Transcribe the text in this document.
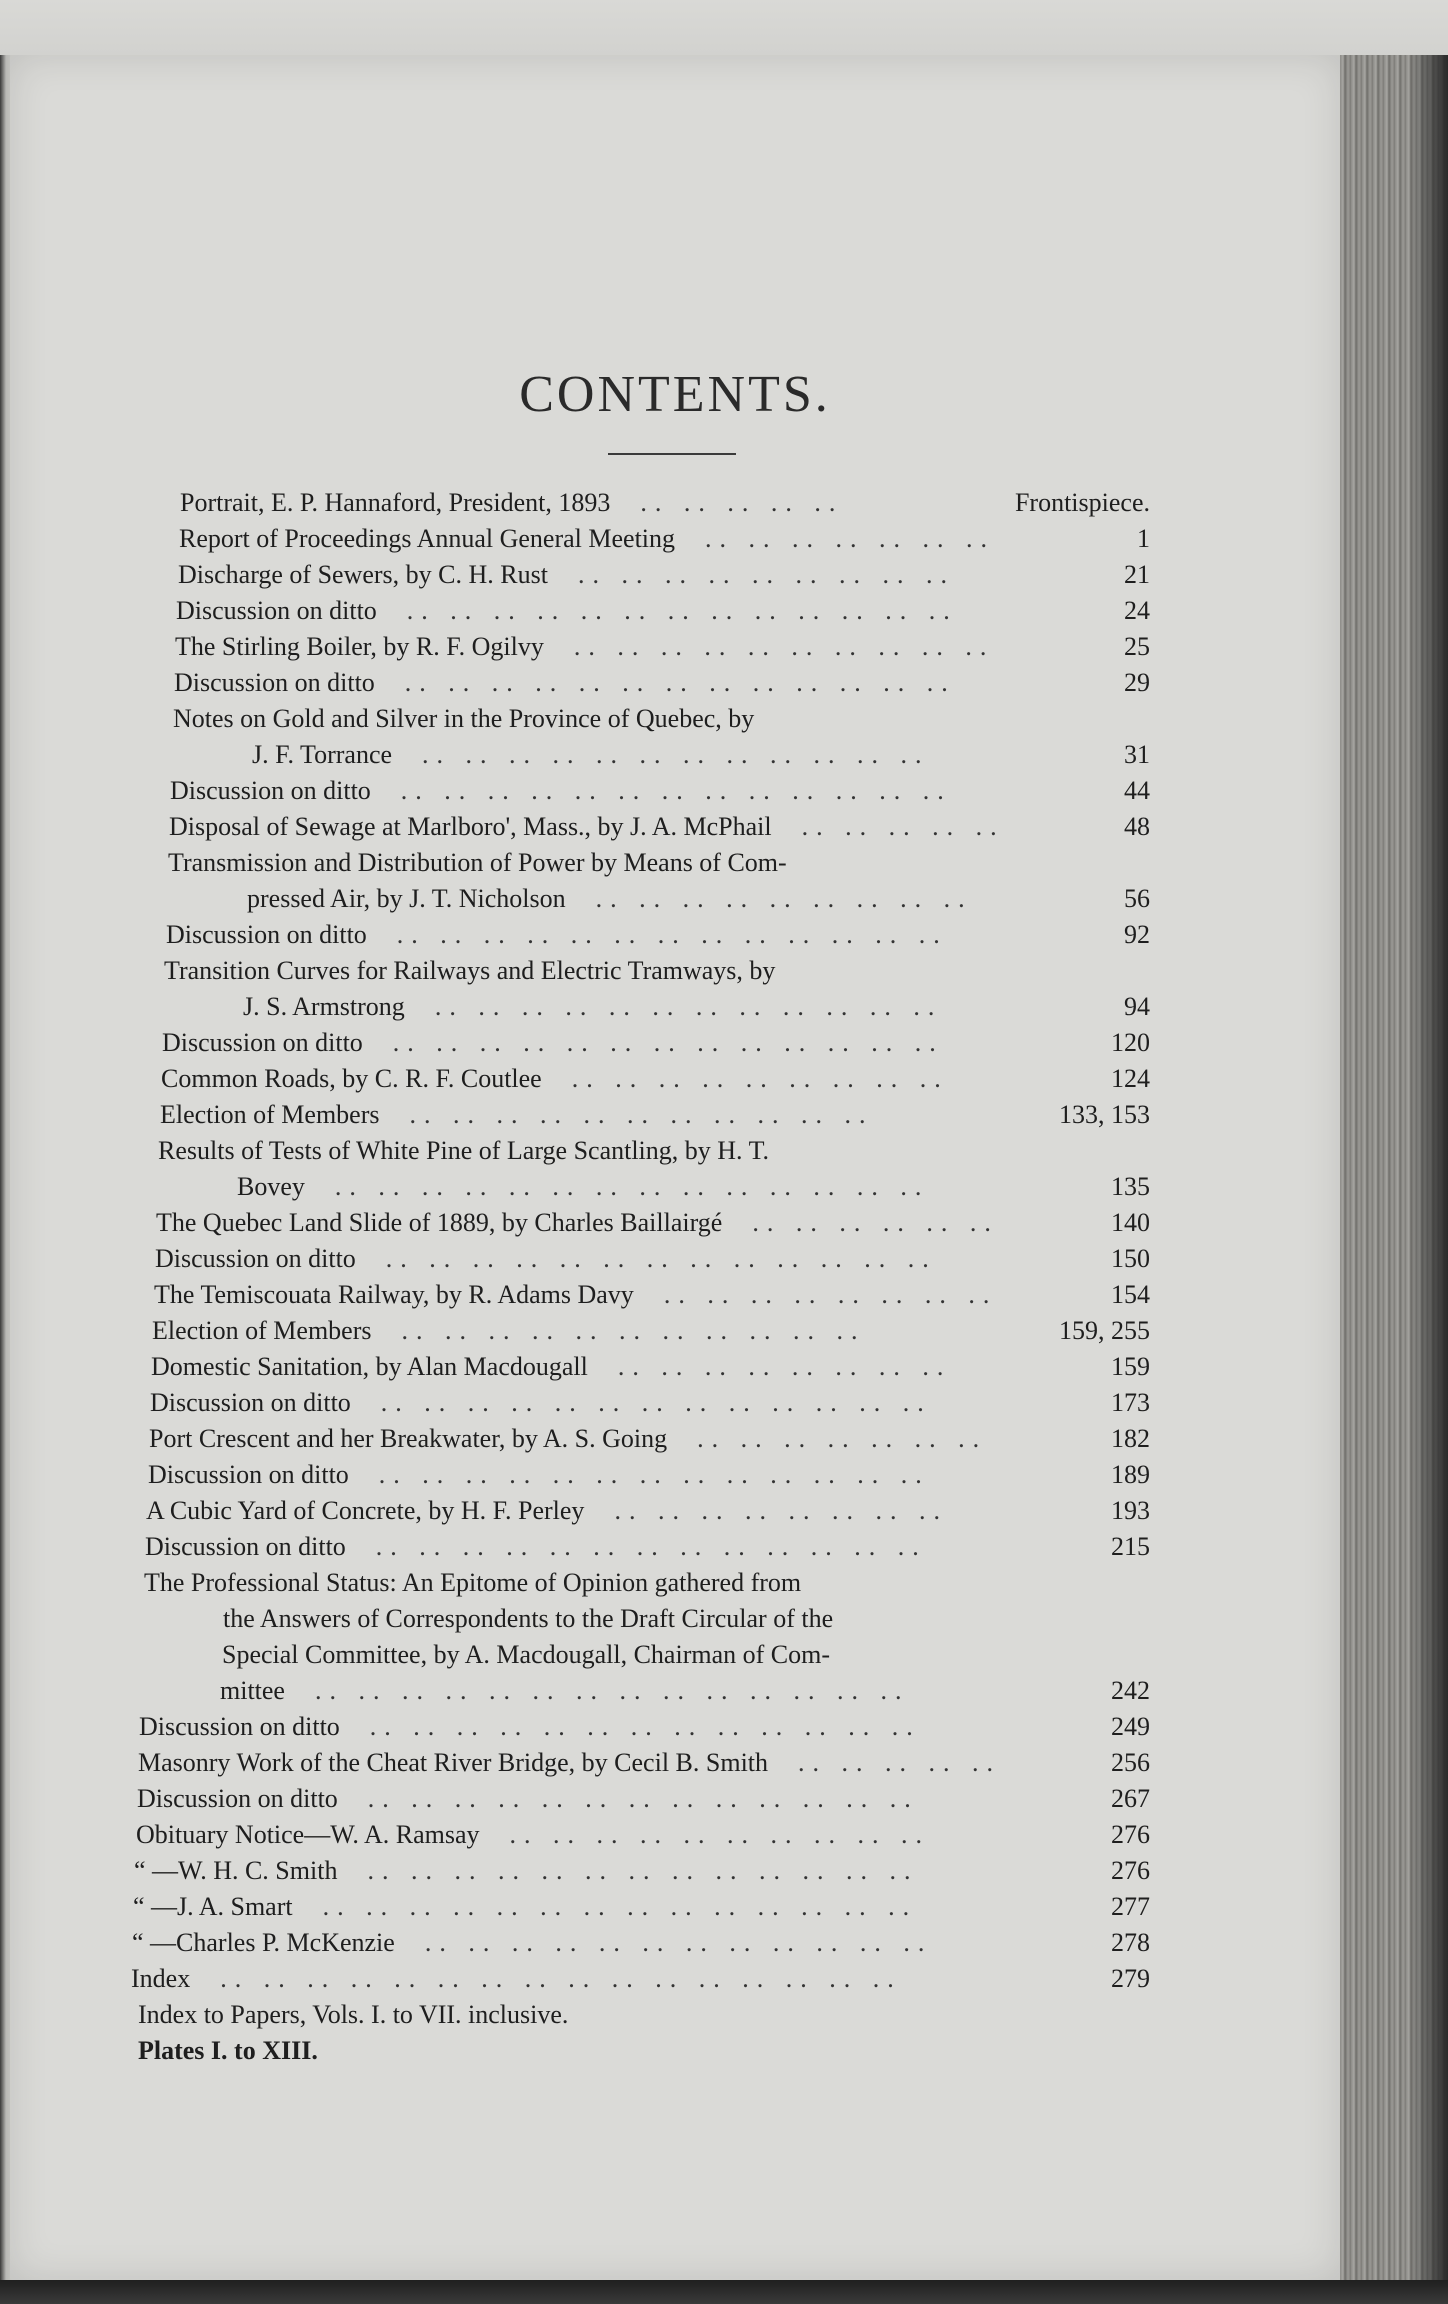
CONTENTS.
Portrait, E. P. Hannaford, President, 1893	Frontispiece.
.. .. .. .. ..
Report of Proceedings Annual General Meeting	1
.. .. .. .. .. .. ..
Discharge of Sewers, by C. H. Rust	21
.. .. .. .. .. .. .. .. ..
Discussion on ditto	24
.. .. .. .. .. .. .. .. .. .. .. .. ..
The Stirling Boiler, by R. F. Ogilvy	25
.. .. .. .. .. .. .. .. .. ..
Discussion on ditto	29
.. .. .. .. .. .. .. .. .. .. .. .. ..
Notes on Gold and Silver in the Province of Quebec, by
J. F. Torrance	31
.. .. .. .. .. .. .. .. .. .. .. ..
Discussion on ditto	44
.. .. .. .. .. .. .. .. .. .. .. .. ..
Disposal of Sewage at Marlboro', Mass., by J. A. McPhail	48
.. .. .. .. ..
Transmission and Distribution of Power by Means of Com-
pressed Air, by J. T. Nicholson	56
.. .. .. .. .. .. .. .. ..
Discussion on ditto	92
.. .. .. .. .. .. .. .. .. .. .. .. ..
Transition Curves for Railways and Electric Tramways, by
J. S. Armstrong	94
.. .. .. .. .. .. .. .. .. .. .. ..
Discussion on ditto	120
.. .. .. .. .. .. .. .. .. .. .. .. ..
Common Roads, by C. R. F. Coutlee	124
.. .. .. .. .. .. .. .. ..
Election of Members	133, 153
.. .. .. .. .. .. .. .. .. .. ..
Results of Tests of White Pine of Large Scantling, by H. T.
Bovey	135
.. .. .. .. .. .. .. .. .. .. .. .. .. ..
The Quebec Land Slide of 1889, by Charles Baillairgé	140
.. .. .. .. .. ..
Discussion on ditto	150
.. .. .. .. .. .. .. .. .. .. .. .. ..
The Temiscouata Railway, by R. Adams Davy	154
.. .. .. .. .. .. .. ..
Election of Members	159, 255
.. .. .. .. .. .. .. .. .. .. ..
Domestic Sanitation, by Alan Macdougall	159
.. .. .. .. .. .. .. ..
Discussion on ditto	173
.. .. .. .. .. .. .. .. .. .. .. .. ..
Port Crescent and her Breakwater, by A. S. Going	182
.. .. .. .. .. .. ..
Discussion on ditto	189
.. .. .. .. .. .. .. .. .. .. .. .. ..
A Cubic Yard of Concrete, by H. F. Perley	193
.. .. .. .. .. .. .. ..
Discussion on ditto	215
.. .. .. .. .. .. .. .. .. .. .. .. ..
The Professional Status: An Epitome of Opinion gathered from
the Answers of Correspondents to the Draft Circular of the
Special Committee, by A. Macdougall, Chairman of Com-
mittee	242
.. .. .. .. .. .. .. .. .. .. .. .. .. ..
Discussion on ditto	249
.. .. .. .. .. .. .. .. .. .. .. .. ..
Masonry Work of the Cheat River Bridge, by Cecil B. Smith	256
.. .. .. .. ..
Discussion on ditto	267
.. .. .. .. .. .. .. .. .. .. .. .. ..
Obituary Notice—W. A. Ramsay	276
.. .. .. .. .. .. .. .. .. ..
“ —W. H. C. Smith	276
.. .. .. .. .. .. .. .. .. .. .. .. ..
“ —J. A. Smart	277
.. .. .. .. .. .. .. .. .. .. .. .. .. ..
“ —Charles P. McKenzie	278
.. .. .. .. .. .. .. .. .. .. .. ..
Index	279
.. .. .. .. .. .. .. .. .. .. .. .. .. .. .. ..
Index to Papers, Vols. I. to VII. inclusive.
Plates I. to XIII.
